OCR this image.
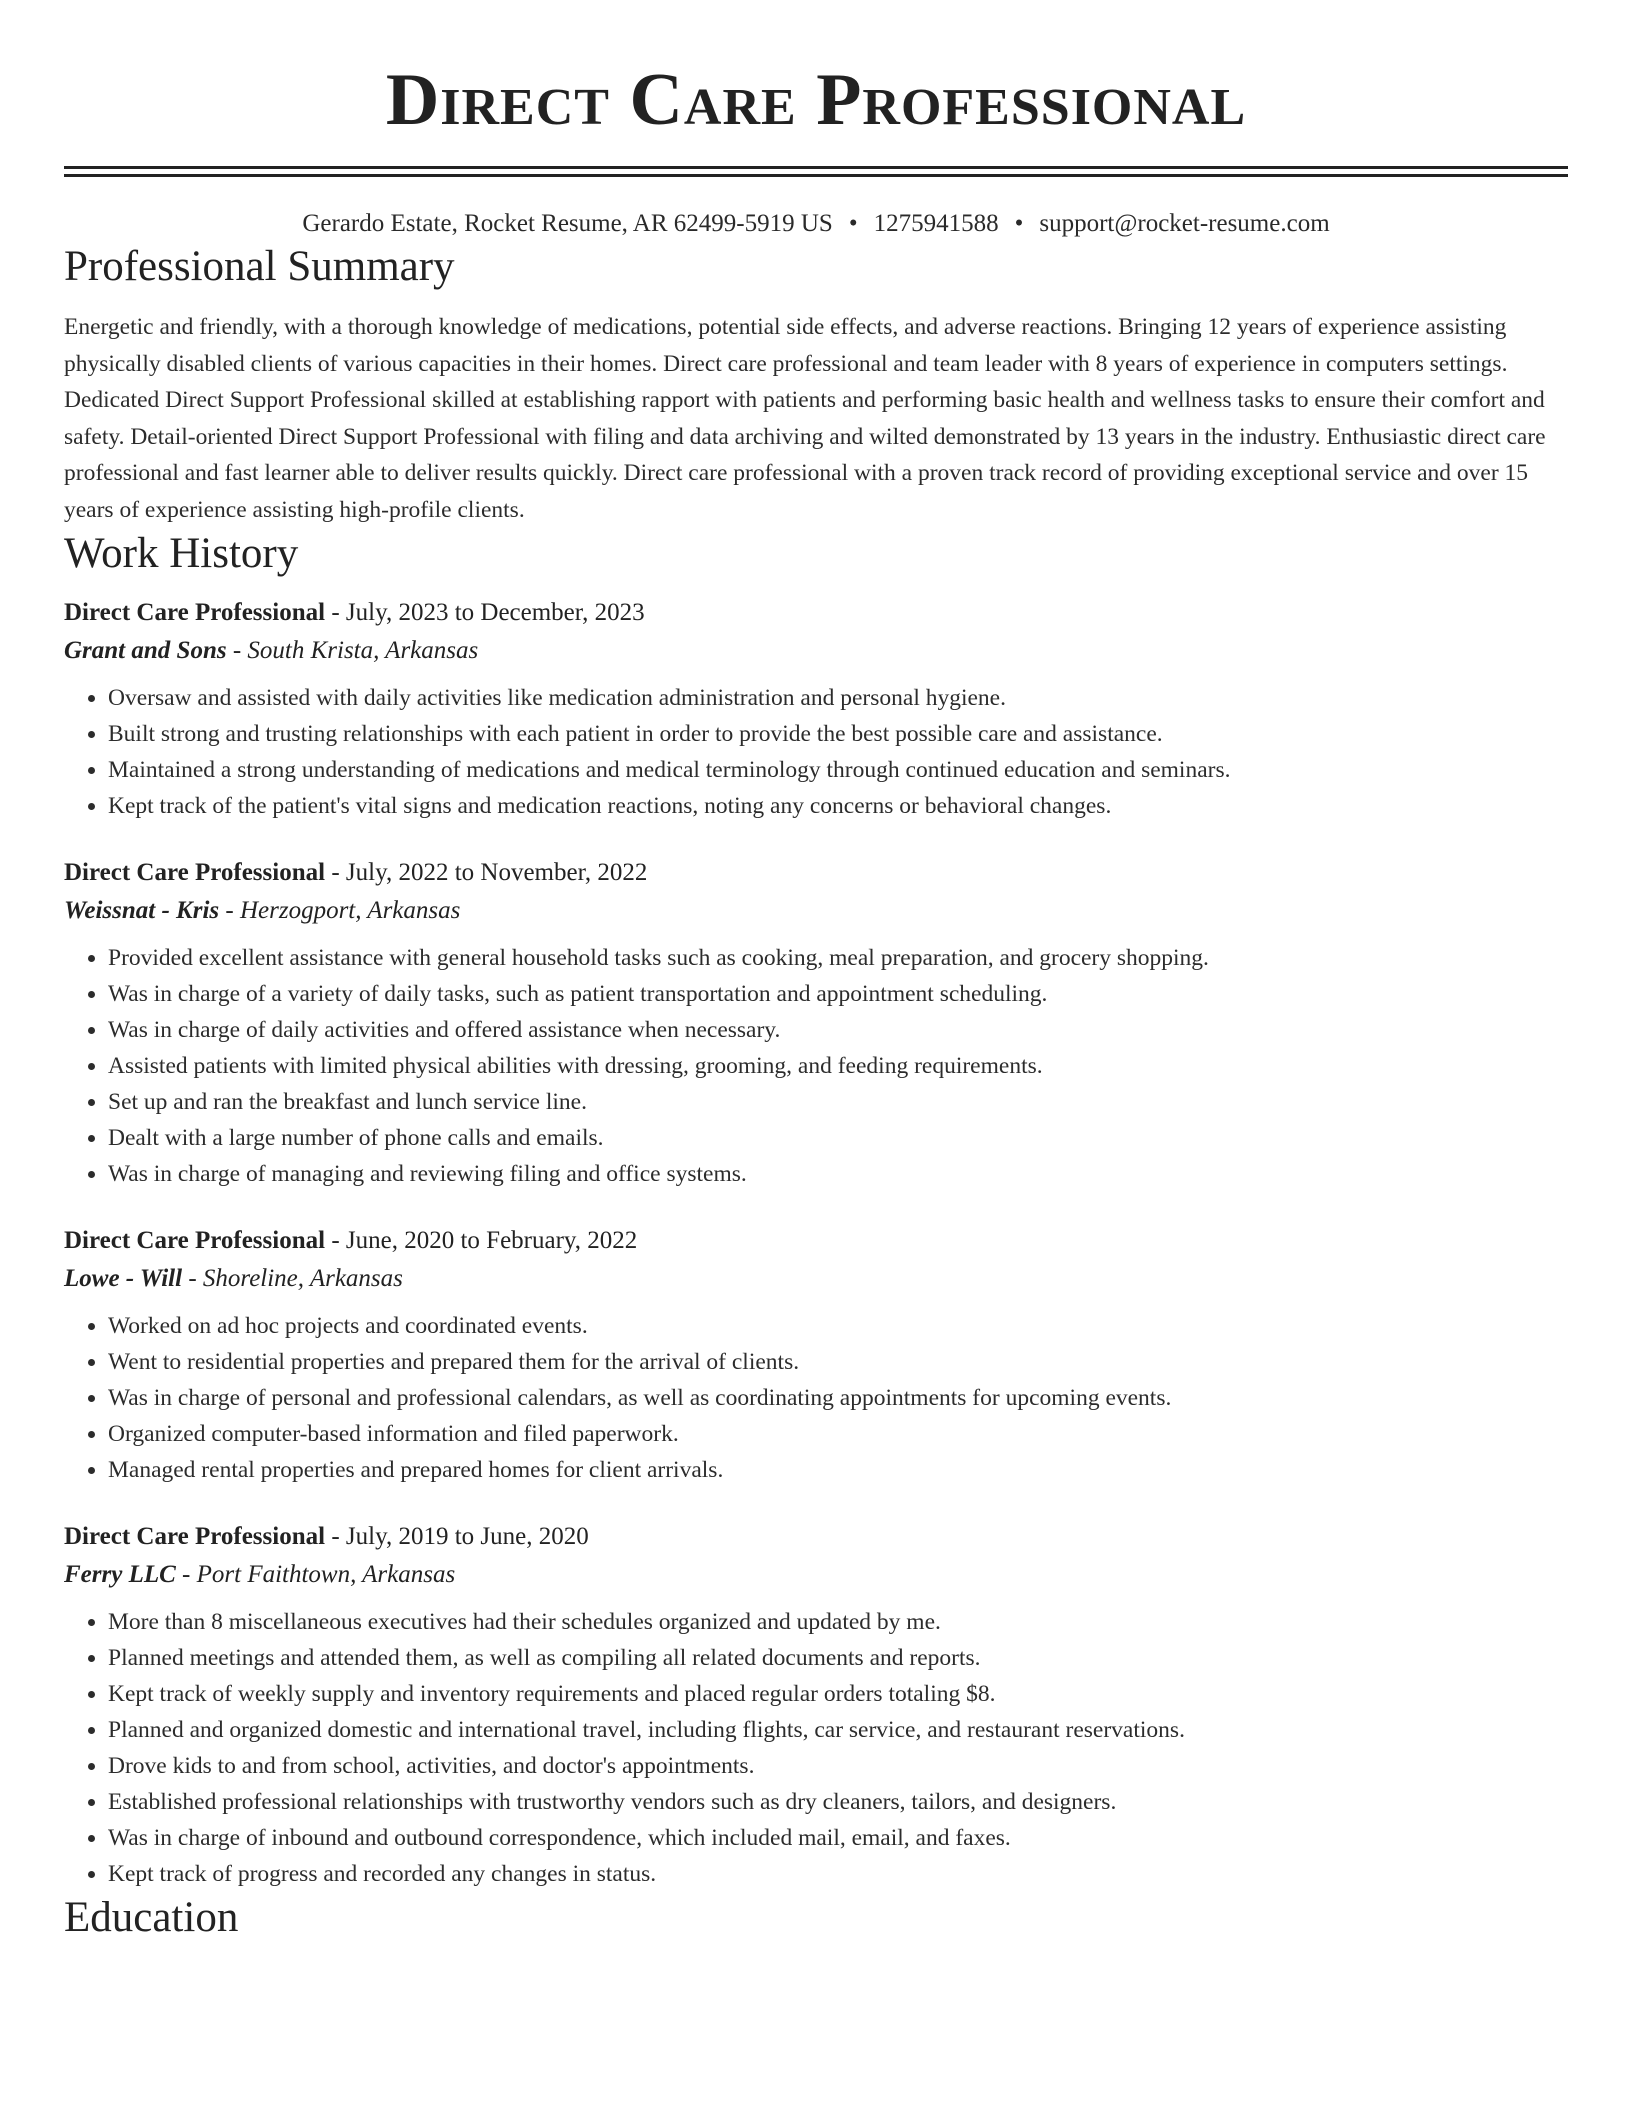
Direct Care Professional
Gerardo Estate, Rocket Resume, AR 62499-5919 US • 1275941588 • support@rocket-resume.com
Professional Summary
Energetic and friendly, with a thorough knowledge of medications, potential side effects, and adverse reactions. Bringing 12 years of experience assisting physically disabled clients of various capacities in their homes. Direct care professional and team leader with 8 years of experience in computers settings. Dedicated Direct Support Professional skilled at establishing rapport with patients and performing basic health and wellness tasks to ensure their comfort and safety. Detail-oriented Direct Support Professional with filing and data archiving and wilted demonstrated by 13 years in the industry. Enthusiastic direct care professional and fast learner able to deliver results quickly. Direct care professional with a proven track record of providing exceptional service and over 15 years of experience assisting high-profile clients.
Work History
Direct Care Professional - July, 2023 to December, 2023
Grant and Sons - South Krista, Arkansas
• Oversaw and assisted with daily activities like medication administration and personal hygiene.
• Built strong and trusting relationships with each patient in order to provide the best possible care and assistance.
• Maintained a strong understanding of medications and medical terminology through continued education and seminars.
• Kept track of the patient's vital signs and medication reactions, noting any concerns or behavioral changes.
Direct Care Professional - July, 2022 to November, 2022
Weissnat - Kris - Herzogport, Arkansas
• Provided excellent assistance with general household tasks such as cooking, meal preparation, and grocery shopping.
• Was in charge of a variety of daily tasks, such as patient transportation and appointment scheduling.
• Was in charge of daily activities and offered assistance when necessary.
• Assisted patients with limited physical abilities with dressing, grooming, and feeding requirements.
• Set up and ran the breakfast and lunch service line.
• Dealt with a large number of phone calls and emails.
• Was in charge of managing and reviewing filing and office systems.
Direct Care Professional - June, 2020 to February, 2022
Lowe - Will - Shoreline, Arkansas
• Worked on ad hoc projects and coordinated events.
• Went to residential properties and prepared them for the arrival of clients.
• Was in charge of personal and professional calendars, as well as coordinating appointments for upcoming events.
• Organized computer-based information and filed paperwork.
• Managed rental properties and prepared homes for client arrivals.
Direct Care Professional - July, 2019 to June, 2020
Ferry LLC - Port Faithtown, Arkansas
• More than 8 miscellaneous executives had their schedules organized and updated by me.
• Planned meetings and attended them, as well as compiling all related documents and reports.
• Kept track of weekly supply and inventory requirements and placed regular orders totaling $8.
• Planned and organized domestic and international travel, including flights, car service, and restaurant reservations.
• Drove kids to and from school, activities, and doctor's appointments.
• Established professional relationships with trustworthy vendors such as dry cleaners, tailors, and designers.
• Was in charge of inbound and outbound correspondence, which included mail, email, and faxes.
• Kept track of progress and recorded any changes in status.
Education
